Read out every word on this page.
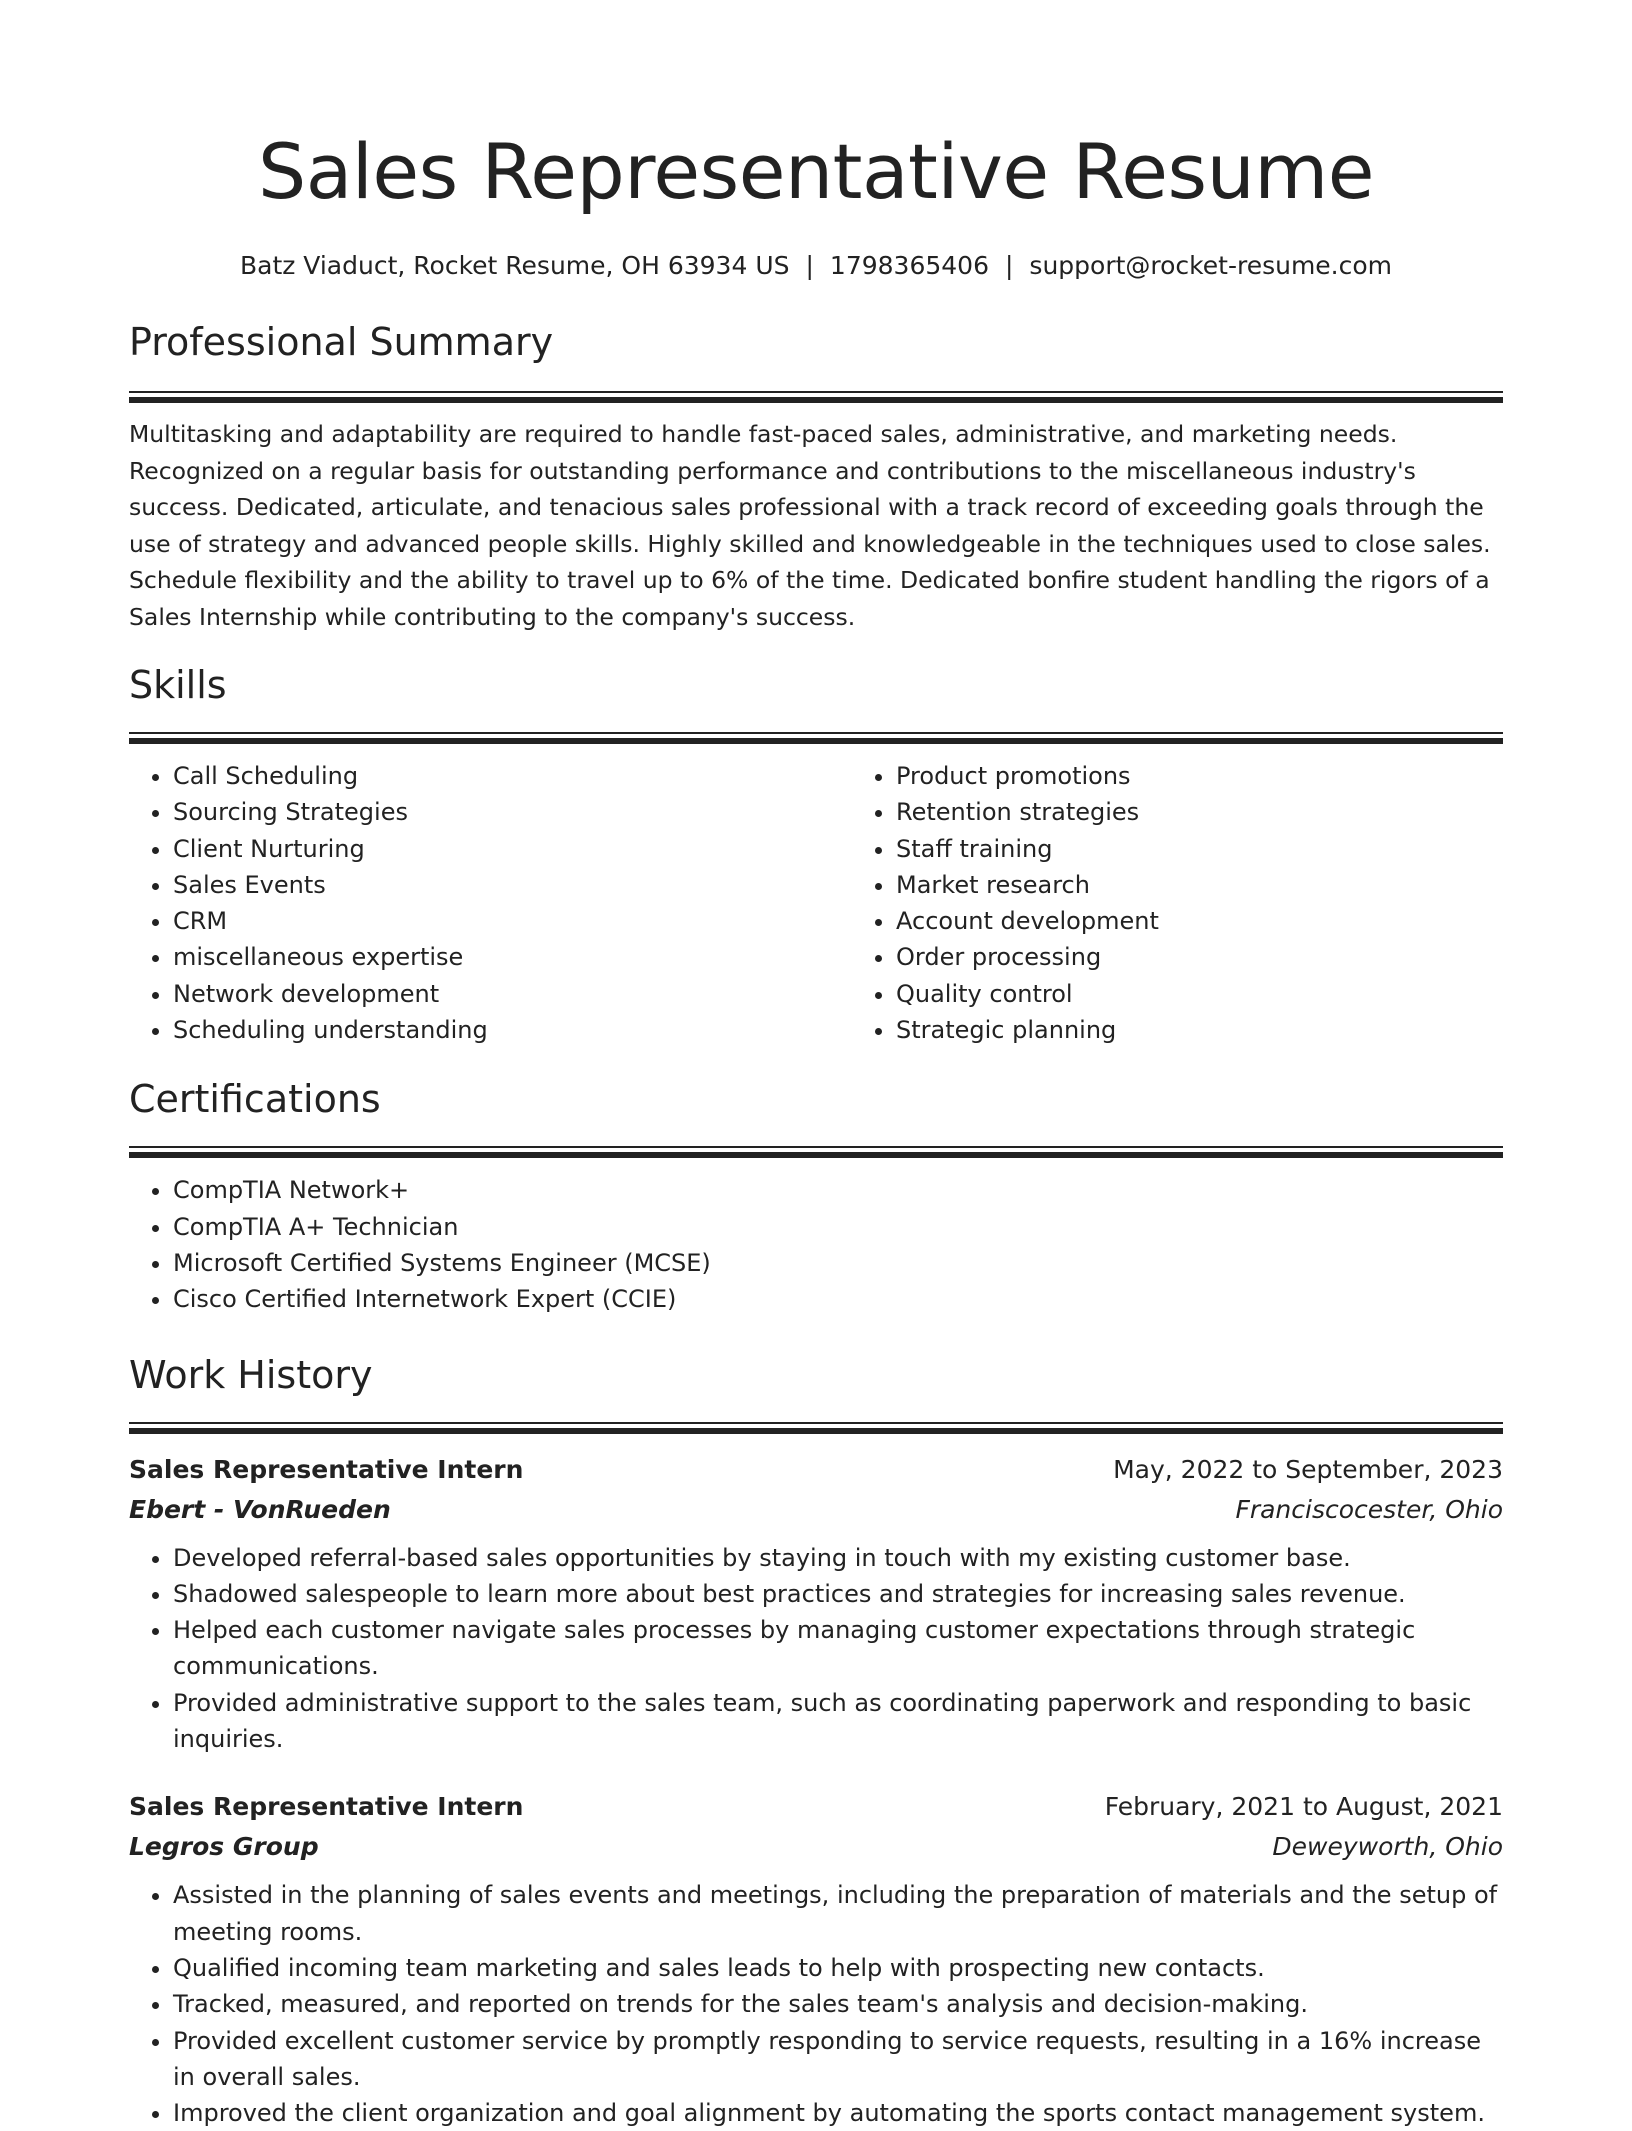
Sales Representative Resume
Batz Viaduct, Rocket Resume, OH 63934 US | 1798365406 | support@rocket-resume.com
Professional Summary

Multitasking and adaptability are required to handle fast-paced sales, administrative, and marketing needs. Recognized on a regular basis for outstanding performance and contributions to the miscellaneous industry's success. Dedicated, articulate, and tenacious sales professional with a track record of exceeding goals through the use of strategy and advanced people skills. Highly skilled and knowledgeable in the techniques used to close sales. Schedule flexibility and the ability to travel up to 6% of the time. Dedicated bonfire student handling the rigors of a Sales Internship while contributing to the company's success.

Skills
• Call Scheduling
• Sourcing Strategies
• Client Nurturing
• Sales Events
• CRM
• miscellaneous expertise
• Network development
• Scheduling understanding
• Product promotions
• Retention strategies
• Staff training
• Market research
• Account development
• Order processing
• Quality control
• Strategic planning
Certifications
• CompTIA Network+
• CompTIA A+ Technician
• Microsoft Certified Systems Engineer (MCSE)
• Cisco Certified Internetwork Expert (CCIE)
Work History
Sales Representative Intern	May, 2022 to September, 2023
Ebert - VonRueden	Franciscocester, Ohio
• Developed referral-based sales opportunities by staying in touch with my existing customer base.
• Shadowed salespeople to learn more about best practices and strategies for increasing sales revenue.
• Helped each customer navigate sales processes by managing customer expectations through strategic communications.
• Provided administrative support to the sales team, such as coordinating paperwork and responding to basic inquiries.
Sales Representative Intern	February, 2021 to August, 2021
Legros Group	Deweyworth, Ohio
• Assisted in the planning of sales events and meetings, including the preparation of materials and the setup of meeting rooms.
• Qualified incoming team marketing and sales leads to help with prospecting new contacts.
• Tracked, measured, and reported on trends for the sales team's analysis and decision-making.
• Provided excellent customer service by promptly responding to service requests, resulting in a 16% increase in overall sales.
• Improved the client organization and goal alignment by automating the sports contact management system.
